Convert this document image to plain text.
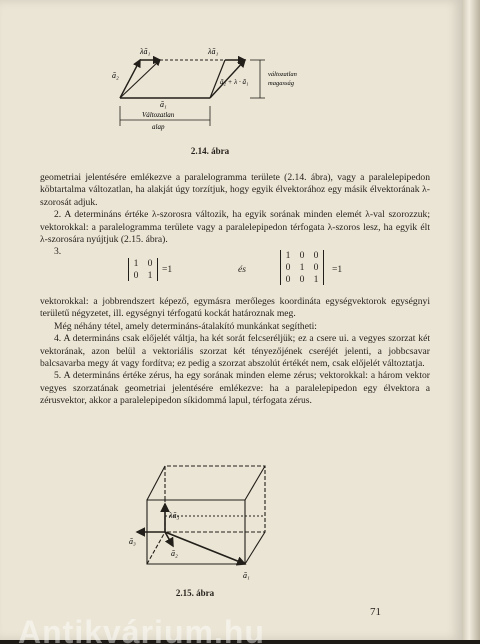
λā₁	λā₁
ā₂
ā₂ + λ · ā₁
ā₁
változatlan
magasság
Változatlan
alap
2.14. ábra

geometriai jelentésére emlékezve a paralelogramma területe (2.14. ábra), vagy a paralelepipedon köbtartalma változatlan, ha alakját úgy torzítjuk, hogy egyik élvektorához egy másik élvektorának λ-szorosát adjuk.

2. A determináns értéke λ-szorosra változik, ha egyik sorának minden elemét λ-val szorozzuk; vektorokkal: a paralelogramma területe vagy a paralelepipedon térfogata λ-szoros lesz, ha egyik élt λ-szorosára nyújtjuk (2.15. ábra).

3.

1 0
0 1
=1	és
1 0 0
0 1 0
0 0 1
=1

vektorokkal: a jobbrendszert képező, egymásra merőleges koordináta egységvektorok egységnyi területű négyzetet, ill. egységnyi térfogatú kockát határoznak meg.

Még néhány tétel, amely determináns-átalakító munkánkat segítheti:

4. A determináns csak előjelét váltja, ha két sorát felcseréljük; ez a csere ui. a vegyes szorzat két vektorának, azon belül a vektoriális szorzat két tényezőjének cseréjét jelenti, a jobbcsavar balcsavarba megy át vagy fordítva; ez pedig a szorzat abszolút értékét nem, csak előjelét változtatja.

5. A determináns értéke zérus, ha egy sorának minden eleme zérus; vektorokkal: a három vektor vegyes szorzatának geometriai jelentésére emlékezve: ha a paralelepipedon egy élvektora a zérusvektor, akkor a paralelepipedon síkidommá lapul, térfogata zérus.

λā₃
ā₃
ā₂
ā₁
2.15. ábra
71
Antikvárium.hu
